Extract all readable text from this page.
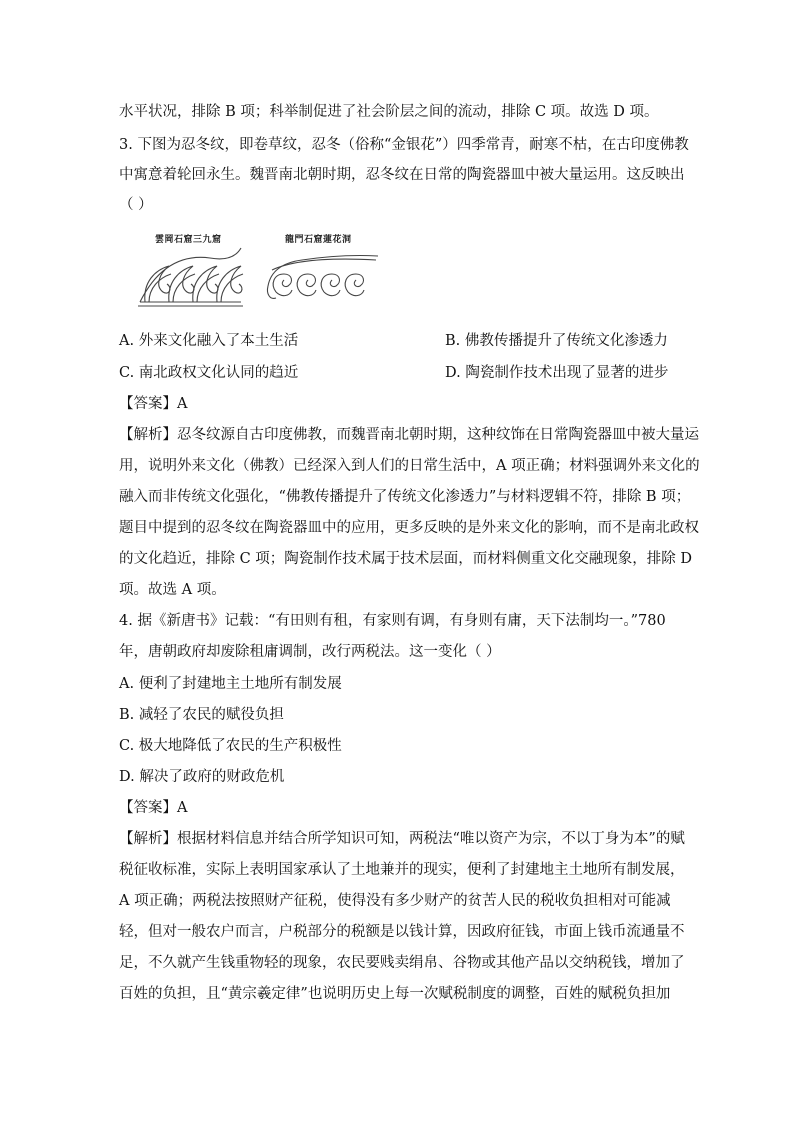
水平状况，排除 B 项；科举制促进了社会阶层之间的流动，排除 C 项。故选 D 项。
3. 下图为忍冬纹，即卷草纹，忍冬（俗称“金银花”）四季常青，耐寒不枯，在古印度佛教
中寓意着轮回永生。魏晋南北朝时期，忍冬纹在日常的陶瓷器皿中被大量运用。这反映出
（ ）
雲岡石窟三九窟	龍門石窟蓮花洞
A. 外来文化融入了本土生活	B. 佛教传播提升了传统文化渗透力
C. 南北政权文化认同的趋近	D. 陶瓷制作技术出现了显著的进步
【答案】A
【解析】忍冬纹源自古印度佛教，而魏晋南北朝时期，这种纹饰在日常陶瓷器皿中被大量运
用，说明外来文化（佛教）已经深入到人们的日常生活中，A 项正确；材料强调外来文化的
融入而非传统文化强化，“佛教传播提升了传统文化渗透力”与材料逻辑不符，排除 B 项；
题目中提到的忍冬纹在陶瓷器皿中的应用，更多反映的是外来文化的影响，而不是南北政权
的文化趋近，排除 C 项；陶瓷制作技术属于技术层面，而材料侧重文化交融现象，排除 D
项。故选 A 项。
4. 据《新唐书》记载：“有田则有租，有家则有调，有身则有庸，天下法制均一。”780
年，唐朝政府却废除租庸调制，改行两税法。这一变化（ ）
A. 便利了封建地主土地所有制发展
B. 减轻了农民的赋役负担
C. 极大地降低了农民的生产积极性
D. 解决了政府的财政危机
【答案】A
【解析】根据材料信息并结合所学知识可知，两税法“唯以资产为宗，不以丁身为本”的赋
税征收标准，实际上表明国家承认了土地兼并的现实，便利了封建地主土地所有制发展，
A 项正确；两税法按照财产征税，使得没有多少财产的贫苦人民的税收负担相对可能减
轻，但对一般农户而言，户税部分的税额是以钱计算，因政府征钱，市面上钱币流通量不
足，不久就产生钱重物轻的现象，农民要贱卖绢帛、谷物或其他产品以交纳税钱，增加了
百姓的负担，且“黄宗羲定律”也说明历史上每一次赋税制度的调整，百姓的赋税负担加
